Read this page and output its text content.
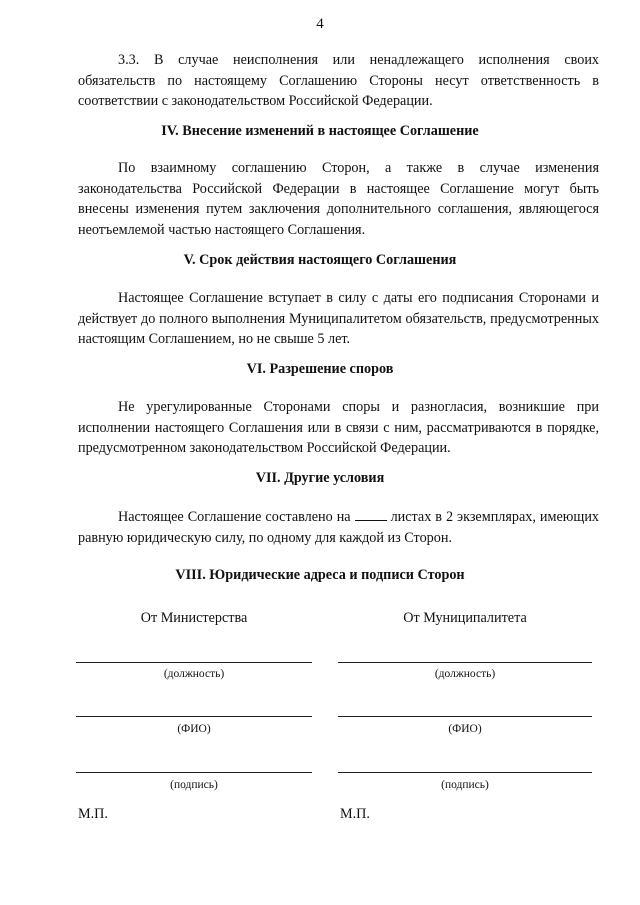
4

3.3. В случае неисполнения или ненадлежащего исполнения своих обязательств по настоящему Соглашению Стороны несут ответственность в соответствии с законодательством Российской Федерации.

IV. Внесение изменений в настоящее Соглашение

По взаимному соглашению Сторон, а также в случае изменения законодательства Российской Федерации в настоящее Соглашение могут быть внесены изменения путем заключения дополнительного соглашения, являющегося неотъемлемой частью настоящего Соглашения.

V. Срок действия настоящего Соглашения

Настоящее Соглашение вступает в силу с даты его подписания Сторонами и действует до полного выполнения Муниципалитетом обязательств, предусмотренных настоящим Соглашением, но не свыше 5 лет.

VI. Разрешение споров

Не урегулированные Сторонами споры и разногласия, возникшие при исполнении настоящего Соглашения или в связи с ним, рассматриваются в порядке, предусмотренном законодательством Российской Федерации.

VII. Другие условия

Настоящее Соглашение составлено на	листах в 2 экземплярах, имеющих равную юридическую силу, по одному для каждой из Сторон.

VIII. Юридические адреса и подписи Сторон

От Министерства	От Муниципалитета
(должность)	(должность)
(ФИО)	(ФИО)
(подпись)	(подпись)
М.П.	М.П.
